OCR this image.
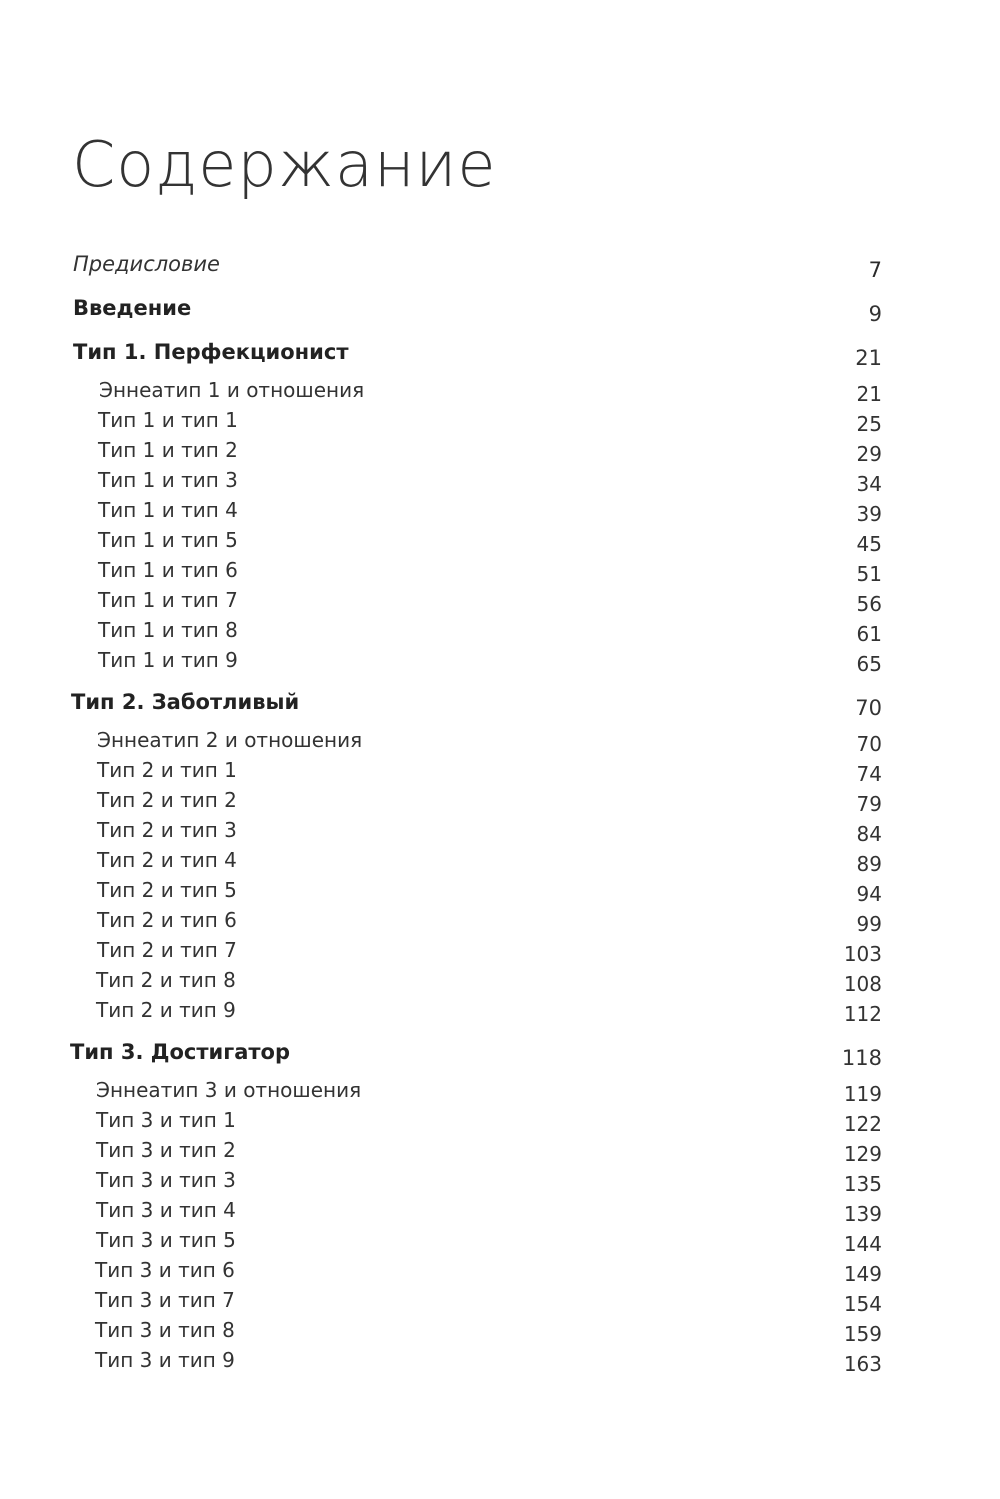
Содержание
Предисловие	7
Введение	9
Тип 1. Перфекционист	21
Эннеатип 1 и отношения	21
Тип 1 и тип 1	25
Тип 1 и тип 2	29
Тип 1 и тип 3	34
Тип 1 и тип 4	39
Тип 1 и тип 5	45
Тип 1 и тип 6	51
Тип 1 и тип 7	56
Тип 1 и тип 8	61
Тип 1 и тип 9	65
Тип 2. Заботливый	70
Эннеатип 2 и отношения	70
Тип 2 и тип 1	74
Тип 2 и тип 2	79
Тип 2 и тип 3	84
Тип 2 и тип 4	89
Тип 2 и тип 5	94
Тип 2 и тип 6	99
Тип 2 и тип 7	103
Тип 2 и тип 8	108
Тип 2 и тип 9	112
Тип 3. Достигатор	118
Эннеатип 3 и отношения	119
Тип 3 и тип 1	122
Тип 3 и тип 2	129
Тип 3 и тип 3	135
Тип 3 и тип 4	139
Тип 3 и тип 5	144
Тип 3 и тип 6	149
Тип 3 и тип 7	154
Тип 3 и тип 8	159
Тип 3 и тип 9	163
